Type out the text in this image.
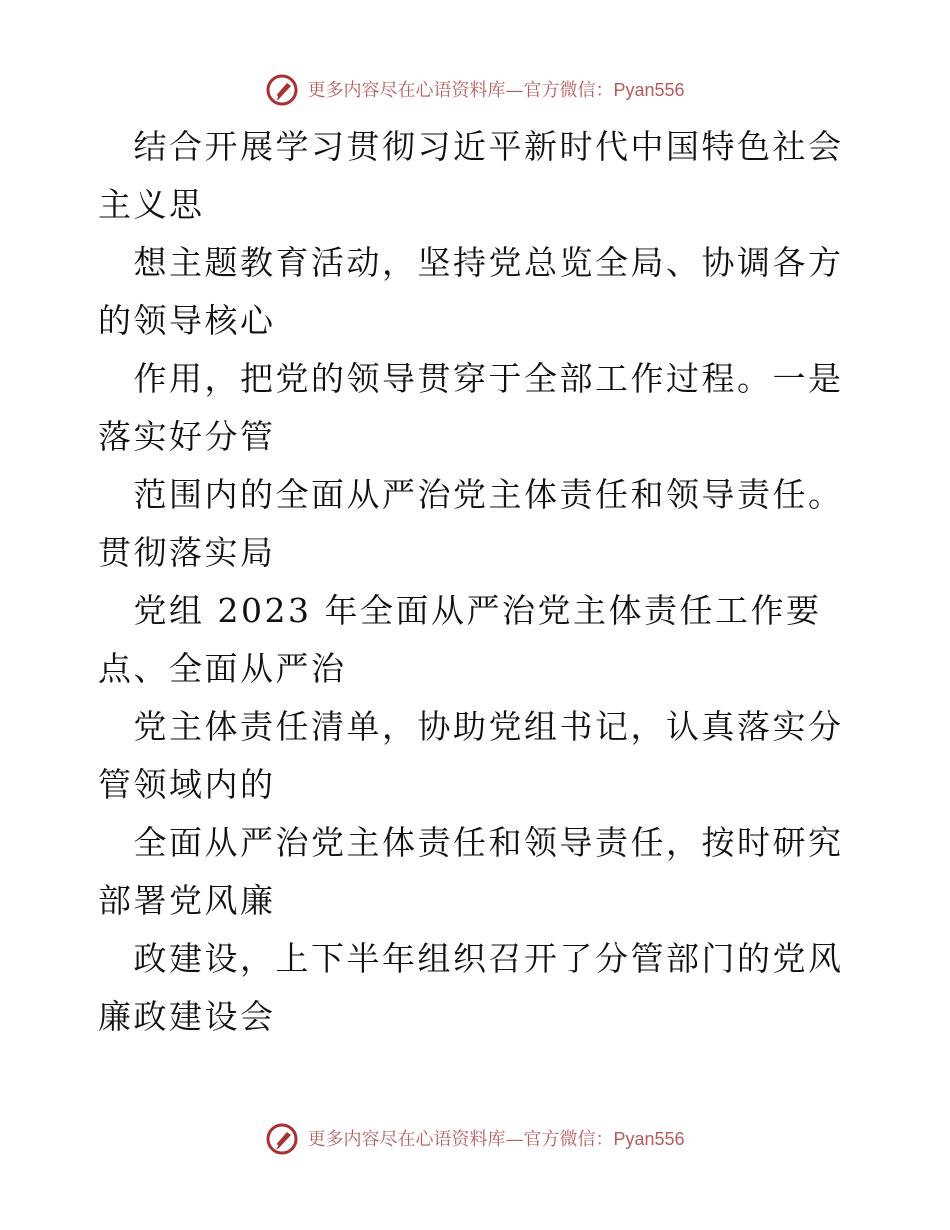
更多内容尽在心语资料库—官方微信：Pyan556

　结合开展学习贯彻习近平新时代中国特色社会主义思

　想主题教育活动，坚持党总览全局、协调各方的领导核心

　作用，把党的领导贯穿于全部工作过程。一是落实好分管

　范围内的全面从严治党主体责任和领导责任。贯彻落实局

　党组 2023 年全面从严治党主体责任工作要点、全面从严治

　党主体责任清单，协助党组书记，认真落实分管领域内的

　全面从严治党主体责任和领导责任，按时研究部署党风廉

　政建设，上下半年组织召开了分管部门的党风廉政建设会

更多内容尽在心语资料库—官方微信：Pyan556
